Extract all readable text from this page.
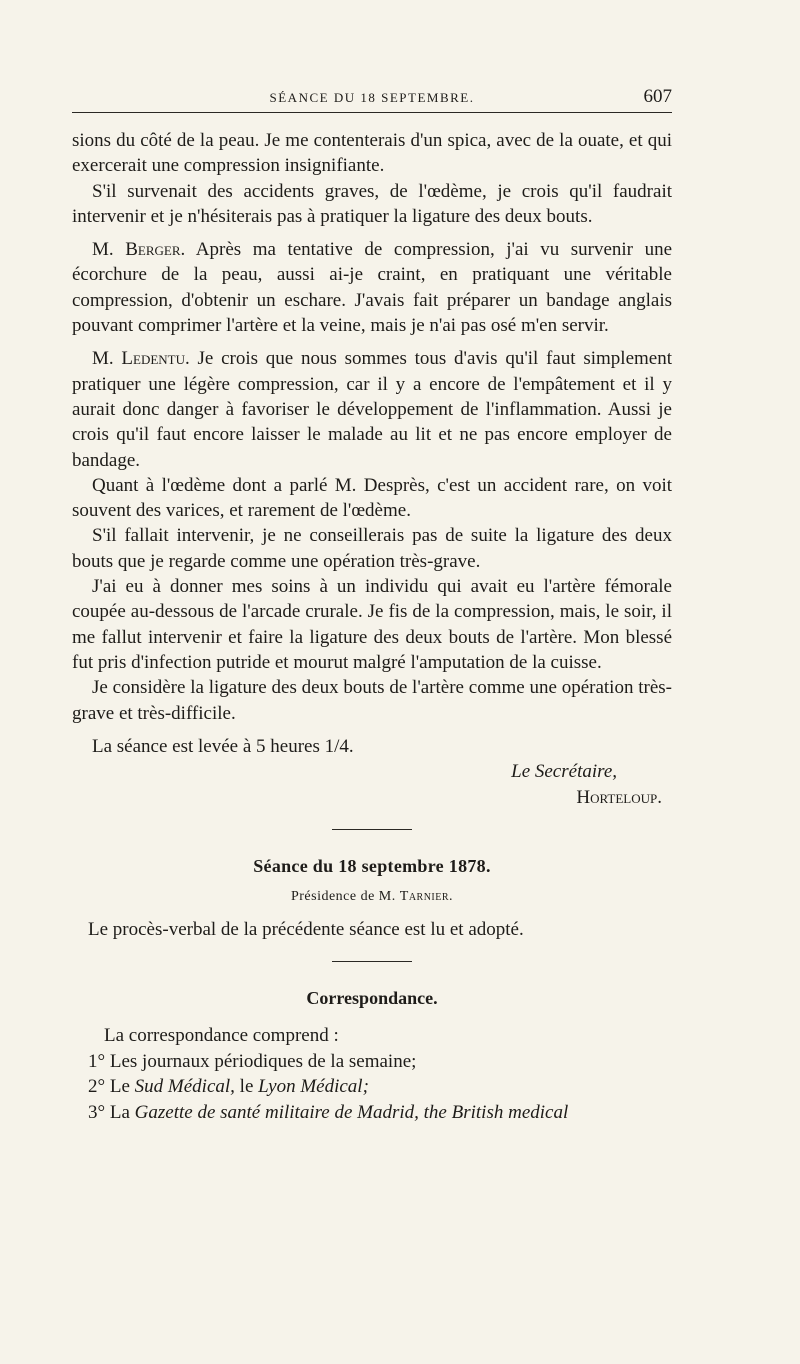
SÉANCE DU 18 SEPTEMBRE.	607

sions du côté de la peau. Je me contenterais d'un spica, avec de la ouate, et qui exercerait une compression insignifiante.

S'il survenait des accidents graves, de l'œdème, je crois qu'il faudrait intervenir et je n'hésiterais pas à pratiquer la ligature des deux bouts.

M. Berger. Après ma tentative de compression, j'ai vu survenir une écorchure de la peau, aussi ai-je craint, en pratiquant une véritable compression, d'obtenir un eschare. J'avais fait préparer un bandage anglais pouvant comprimer l'artère et la veine, mais je n'ai pas osé m'en servir.

M. Ledentu. Je crois que nous sommes tous d'avis qu'il faut simplement pratiquer une légère compression, car il y a encore de l'empâtement et il y aurait donc danger à favoriser le développement de l'inflammation. Aussi je crois qu'il faut encore laisser le malade au lit et ne pas encore employer de bandage.

Quant à l'œdème dont a parlé M. Desprès, c'est un accident rare, on voit souvent des varices, et rarement de l'œdème.

S'il fallait intervenir, je ne conseillerais pas de suite la ligature des deux bouts que je regarde comme une opération très-grave.

J'ai eu à donner mes soins à un individu qui avait eu l'artère fémorale coupée au-dessous de l'arcade crurale. Je fis de la compression, mais, le soir, il me fallut intervenir et faire la ligature des deux bouts de l'artère. Mon blessé fut pris d'infection putride et mourut malgré l'amputation de la cuisse.

Je considère la ligature des deux bouts de l'artère comme une opération très-grave et très-difficile.

La séance est levée à 5 heures 1/4.

Le Secrétaire,

Horteloup.

Séance du 18 septembre 1878.
Présidence de M. Tarnier.

Le procès-verbal de la précédente séance est lu et adopté.

Correspondance.

La correspondance comprend :

1° Les journaux périodiques de la semaine;

2° Le Sud Médical, le Lyon Médical;

3° La Gazette de santé militaire de Madrid, the British medical
